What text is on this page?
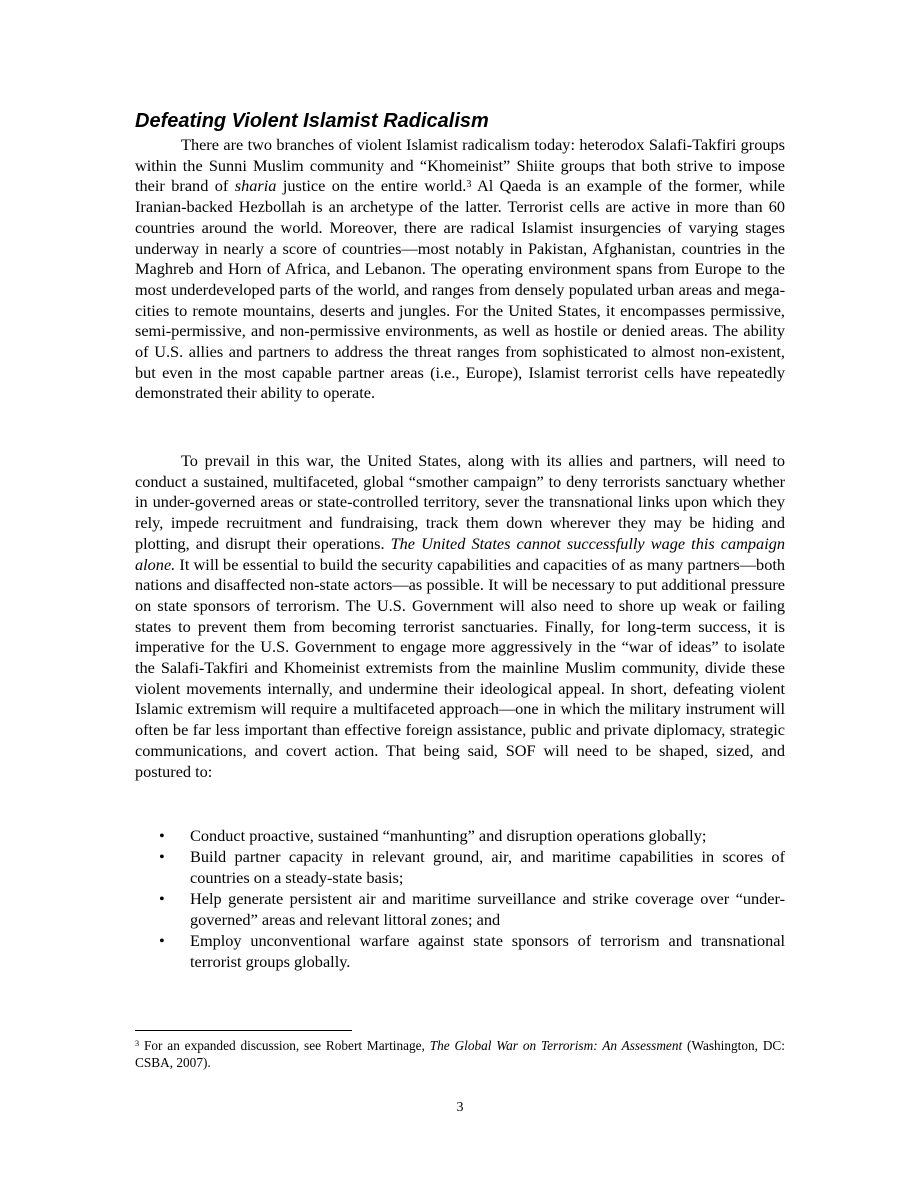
Defeating Violent Islamist Radicalism

There are two branches of violent Islamist radicalism today: heterodox Salafi-Takfiri groups within the Sunni Muslim community and “Khomeinist” Shiite groups that both strive to impose their brand of sharia justice on the entire world.$^3$ Al Qaeda is an example of the former, while Iranian-backed Hezbollah is an archetype of the latter. Terrorist cells are active in more than 60 countries around the world. Moreover, there are radical Islamist insurgencies of varying stages underway in nearly a score of countries—most notably in Pakistan, Afghanistan, countries in the Maghreb and Horn of Africa, and Lebanon. The operating environment spans from Europe to the most underdeveloped parts of the world, and ranges from densely populated urban areas and mega-cities to remote mountains, deserts and jungles. For the United States, it encompasses permissive, semi-permissive, and non-permissive environments, as well as hostile or denied areas. The ability of U.S. allies and partners to address the threat ranges from sophisticated to almost non-existent, but even in the most capable partner areas (i.e., Europe), Islamist terrorist cells have repeatedly demonstrated their ability to operate.

To prevail in this war, the United States, along with its allies and partners, will need to conduct a sustained, multifaceted, global “smother campaign” to deny terrorists sanctuary whether in under-governed areas or state-controlled territory, sever the transnational links upon which they rely, impede recruitment and fundraising, track them down wherever they may be hiding and plotting, and disrupt their operations. The United States cannot successfully wage this campaign alone. It will be essential to build the security capabilities and capacities of as many partners—both nations and disaffected non-state actors—as possible. It will be necessary to put additional pressure on state sponsors of terrorism. The U.S. Government will also need to shore up weak or failing states to prevent them from becoming terrorist sanctuaries. Finally, for long-term success, it is imperative for the U.S. Government to engage more aggressively in the “war of ideas” to isolate the Salafi-Takfiri and Khomeinist extremists from the mainline Muslim community, divide these violent movements internally, and undermine their ideological appeal. In short, defeating violent Islamic extremism will require a multifaceted approach—one in which the military instrument will often be far less important than effective foreign assistance, public and private diplomacy, strategic communications, and covert action. That being said, SOF will need to be shaped, sized, and postured to:

• Conduct proactive, sustained “manhunting” and disruption operations globally;
• Build partner capacity in relevant ground, air, and maritime capabilities in scores of countries on a steady-state basis;
• Help generate persistent air and maritime surveillance and strike coverage over “under-governed” areas and relevant littoral zones; and
• Employ unconventional warfare against state sponsors of terrorism and transnational terrorist groups globally.

$^3$ For an expanded discussion, see Robert Martinage, The Global War on Terrorism: An Assessment (Washington, DC: CSBA, 2007).

3
